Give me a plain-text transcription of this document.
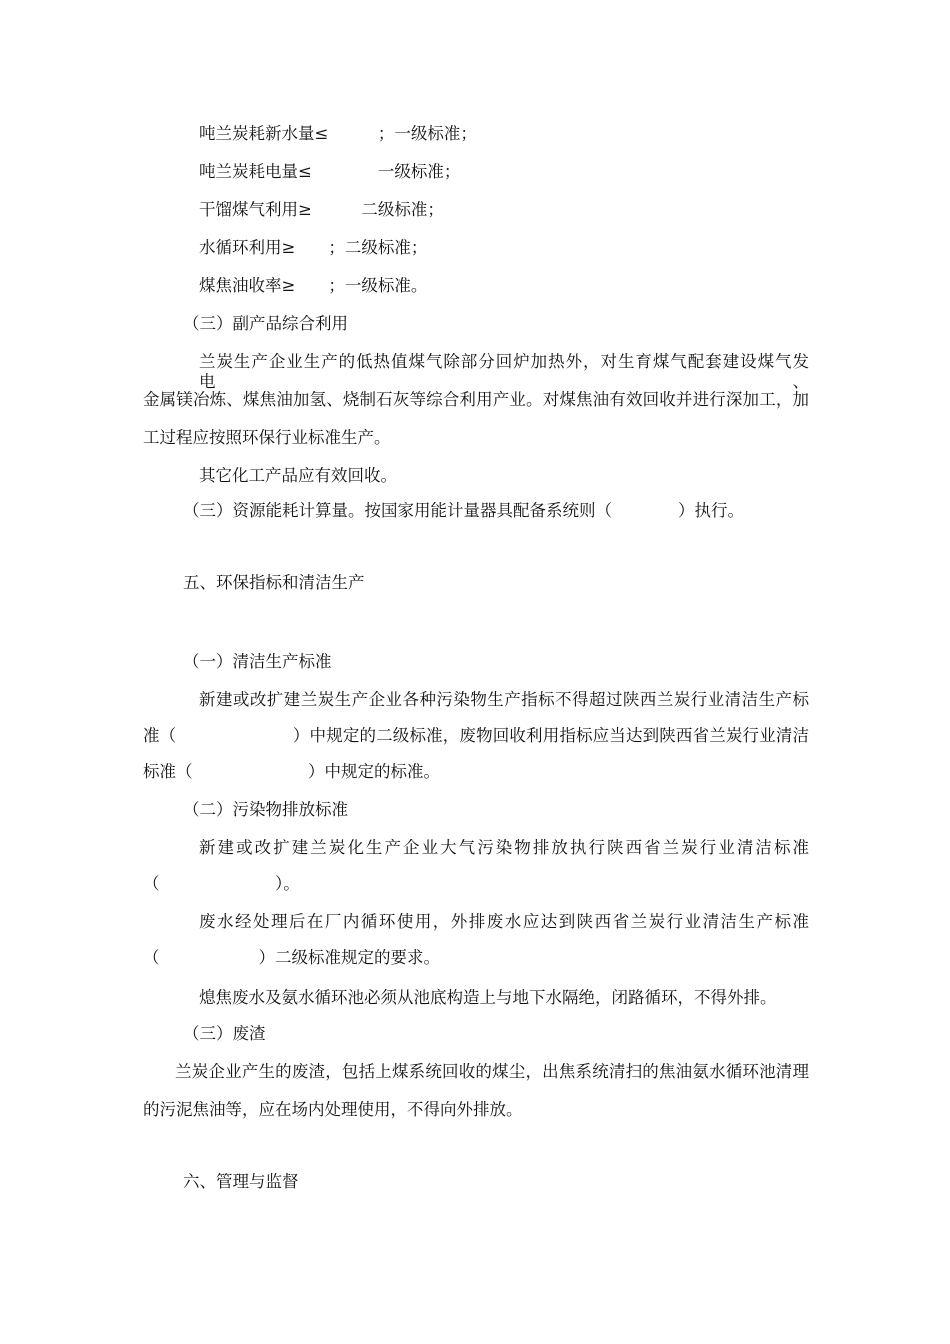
吨兰炭耗新水量≤　　　；一级标准；

吨兰炭耗电量≤　　　　一级标准；

干馏煤气利用≥　　　二级标准；

水循环利用≥　　；二级标准；

煤焦油收率≥　　；一级标准。

（三）副产品综合利用

兰炭生产企业生产的低热值煤气除部分回炉加热外，对生育煤气配套建设煤气发电、

金属镁冶炼、煤焦油加氢、烧制石灰等综合利用产业。对煤焦油有效回收并进行深加工，加

工过程应按照环保行业标准生产。

其它化工产品应有效回收。

（三）资源能耗计算量。按国家用能计量器具配备系统则（　　　　）执行。

五、环保指标和清洁生产

（一）清洁生产标准

新建或改扩建兰炭生产企业各种污染物生产指标不得超过陕西兰炭行业清洁生产标

准（　　　　　　　）中规定的二级标准，废物回收利用指标应当达到陕西省兰炭行业清洁

标准（　　　　　　　）中规定的标准。

（二）污染物排放标准

新建或改扩建兰炭化生产企业大气污染物排放执行陕西省兰炭行业清洁标准

（　　　　　　　）。

废水经处理后在厂内循环使用，外排废水应达到陕西省兰炭行业清洁生产标准

（　　　　　　）二级标准规定的要求。

熄焦废水及氨水循环池必须从池底构造上与地下水隔绝，闭路循环，不得外排。

（三）废渣

兰炭企业产生的废渣，包括上煤系统回收的煤尘，出焦系统清扫的焦油氨水循环池清理

的污泥焦油等，应在场内处理使用，不得向外排放。

六、管理与监督
